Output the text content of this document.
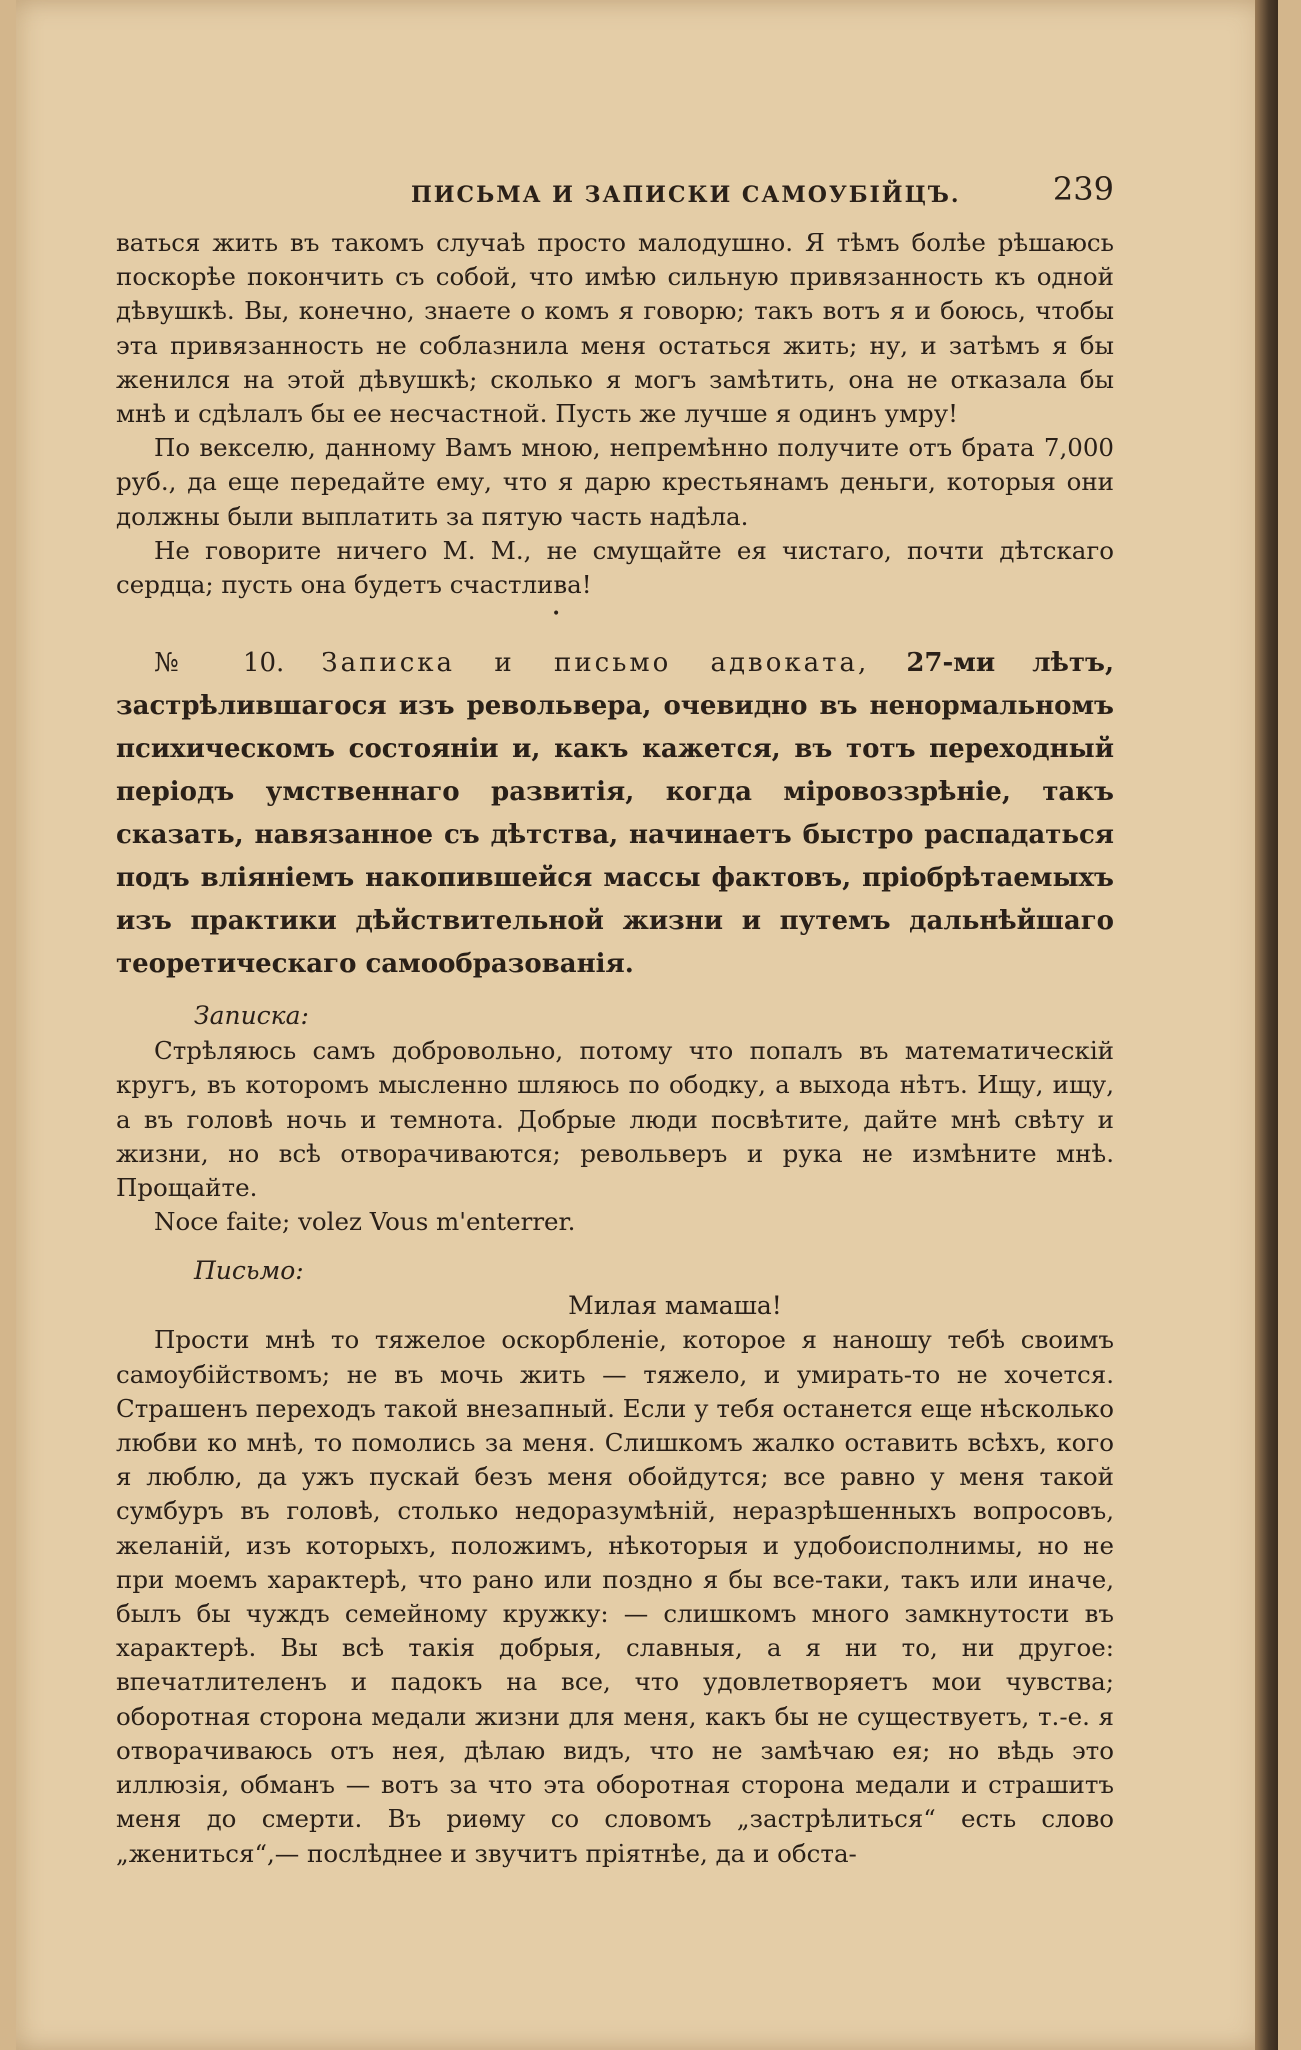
ПИСЬМА И ЗАПИСКИ САМОУБІЙЦЪ.	239

ваться жить въ такомъ случаѣ просто малодушно. Я тѣмъ болѣе рѣшаюсь поскорѣе покончить съ собой, что имѣю сильную привязанность къ одной дѣвушкѣ. Вы, конечно, знаете о комъ я говорю; такъ вотъ я и боюсь, чтобы эта привязанность не соблазнила меня остаться жить; ну, и затѣмъ я бы женился на этой дѣвушкѣ; сколько я могъ замѣтить, она не отказала бы мнѣ и сдѣлалъ бы ее несчастной. Пусть же лучше я одинъ умру!

По векселю, данному Вамъ мною, непремѣнно получите отъ брата 7,000 руб., да еще передайте ему, что я дарю крестьянамъ деньги, которыя они должны были выплатить за пятую часть надѣла.

Не говорите ничего М. М., не смущайте ея чистаго, почти дѣтскаго сердца; пусть она будетъ счастлива!

•

№ 10. Записка и письмо адвоката, 27-ми лѣтъ, застрѣлившагося изъ револьвера, очевидно въ ненормальномъ психическомъ состояніи и, какъ кажется, въ тотъ переходный періодъ умственнаго развитія, когда міровоззрѣніе, такъ сказать, навязанное съ дѣтства, начинаетъ быстро распадаться подъ вліяніемъ накопившейся массы фактовъ, пріобрѣтаемыхъ изъ практики дѣйствительной жизни и путемъ дальнѣйшаго теоретическаго самообразованія.

Записка:

Стрѣляюсь самъ добровольно, потому что попалъ въ математическій кругъ, въ которомъ мысленно шляюсь по ободку, а выхода нѣтъ. Ищу, ищу, а въ головѣ ночь и темнота. Добрые люди посвѣтите, дайте мнѣ свѣту и жизни, но всѣ отворачиваются; револьверъ и рука не измѣните мнѣ. Прощайте.

Noce faite; volez Vous m'enterrer.

Письмо:

Милая мамаша!

Прости мнѣ то тяжелое оскорбленіе, которое я наношу тебѣ своимъ самоубійствомъ; не въ мочь жить — тяжело, и умирать-то не хочется. Страшенъ переходъ такой внезапный. Если у тебя останется еще нѣсколько любви ко мнѣ, то помолись за меня. Слишкомъ жалко оставить всѣхъ, кого я люблю, да ужъ пускай безъ меня обойдутся; все равно у меня такой сумбуръ въ головѣ, столько недоразумѣній, неразрѣшенныхъ вопросовъ, желаній, изъ которыхъ, положимъ, нѣкоторыя и удобоисполнимы, но не при моемъ характерѣ, что рано или поздно я бы все-таки, такъ или иначе, былъ бы чуждъ семейному кружку: — слишкомъ много замкнутости въ характерѣ. Вы всѣ такія добрыя, славныя, а я ни то, ни другое: впечатлителенъ и падокъ на все, что удовлетворяетъ мои чувства; оборотная сторона медали жизни для меня, какъ бы не существуетъ, т.-е. я отворачиваюсь отъ нея, дѣлаю видъ, что не замѣчаю ея; но вѣдь это иллюзія, обманъ — вотъ за что эта оборотная сторона медали и страшитъ меня до смерти. Въ риѳму со словомъ „застрѣлиться“ есть слово „жениться“,— послѣднее и звучитъ пріятнѣе, да и обста-
